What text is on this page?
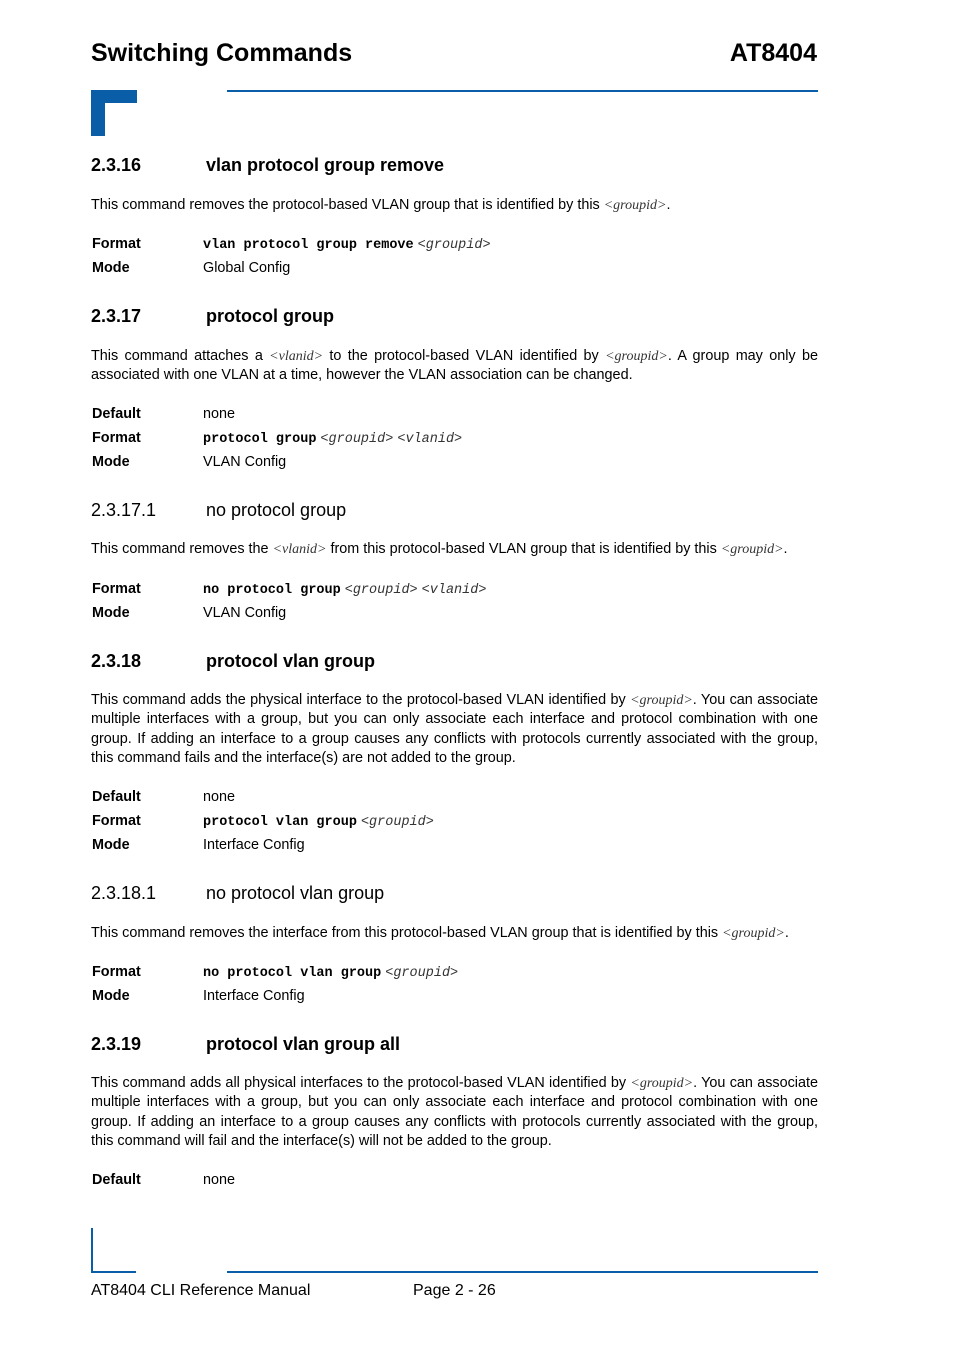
Switching Commands	AT8404
2.3.16	vlan protocol group remove
This command removes the protocol-based VLAN group that is identified by this <groupid>.
Format	vlan protocol group remove <groupid>
Mode	Global Config
2.3.17	protocol group
This command attaches a <vlanid> to the protocol-based VLAN identified by <groupid>. A group may only be associated with one VLAN at a time, however the VLAN association can be changed.
Default	none
Format	protocol group <groupid> <vlanid>
Mode	VLAN Config
2.3.17.1	no protocol group
This command removes the <vlanid> from this protocol-based VLAN group that is identified by this <groupid>.
Format	no protocol group <groupid> <vlanid>
Mode	VLAN Config
2.3.18	protocol vlan group
This command adds the physical interface to the protocol-based VLAN identified by <groupid>. You can associate multiple interfaces with a group, but you can only associate each interface and protocol combination with one group. If adding an interface to a group causes any conflicts with protocols currently associated with the group, this command fails and the interface(s) are not added to the group.
Default	none
Format	protocol vlan group <groupid>
Mode	Interface Config
2.3.18.1	no protocol vlan group
This command removes the interface from this protocol-based VLAN group that is identified by this <groupid>.
Format	no protocol vlan group <groupid>
Mode	Interface Config
2.3.19	protocol vlan group all
This command adds all physical interfaces to the protocol-based VLAN identified by <groupid>. You can associate multiple interfaces with a group, but you can only associate each interface and protocol combination with one group. If adding an interface to a group causes any conflicts with protocols currently associated with the group, this command will fail and the interface(s) will not be added to the group.
Default	none
AT8404 CLI Reference Manual	Page 2 - 26
